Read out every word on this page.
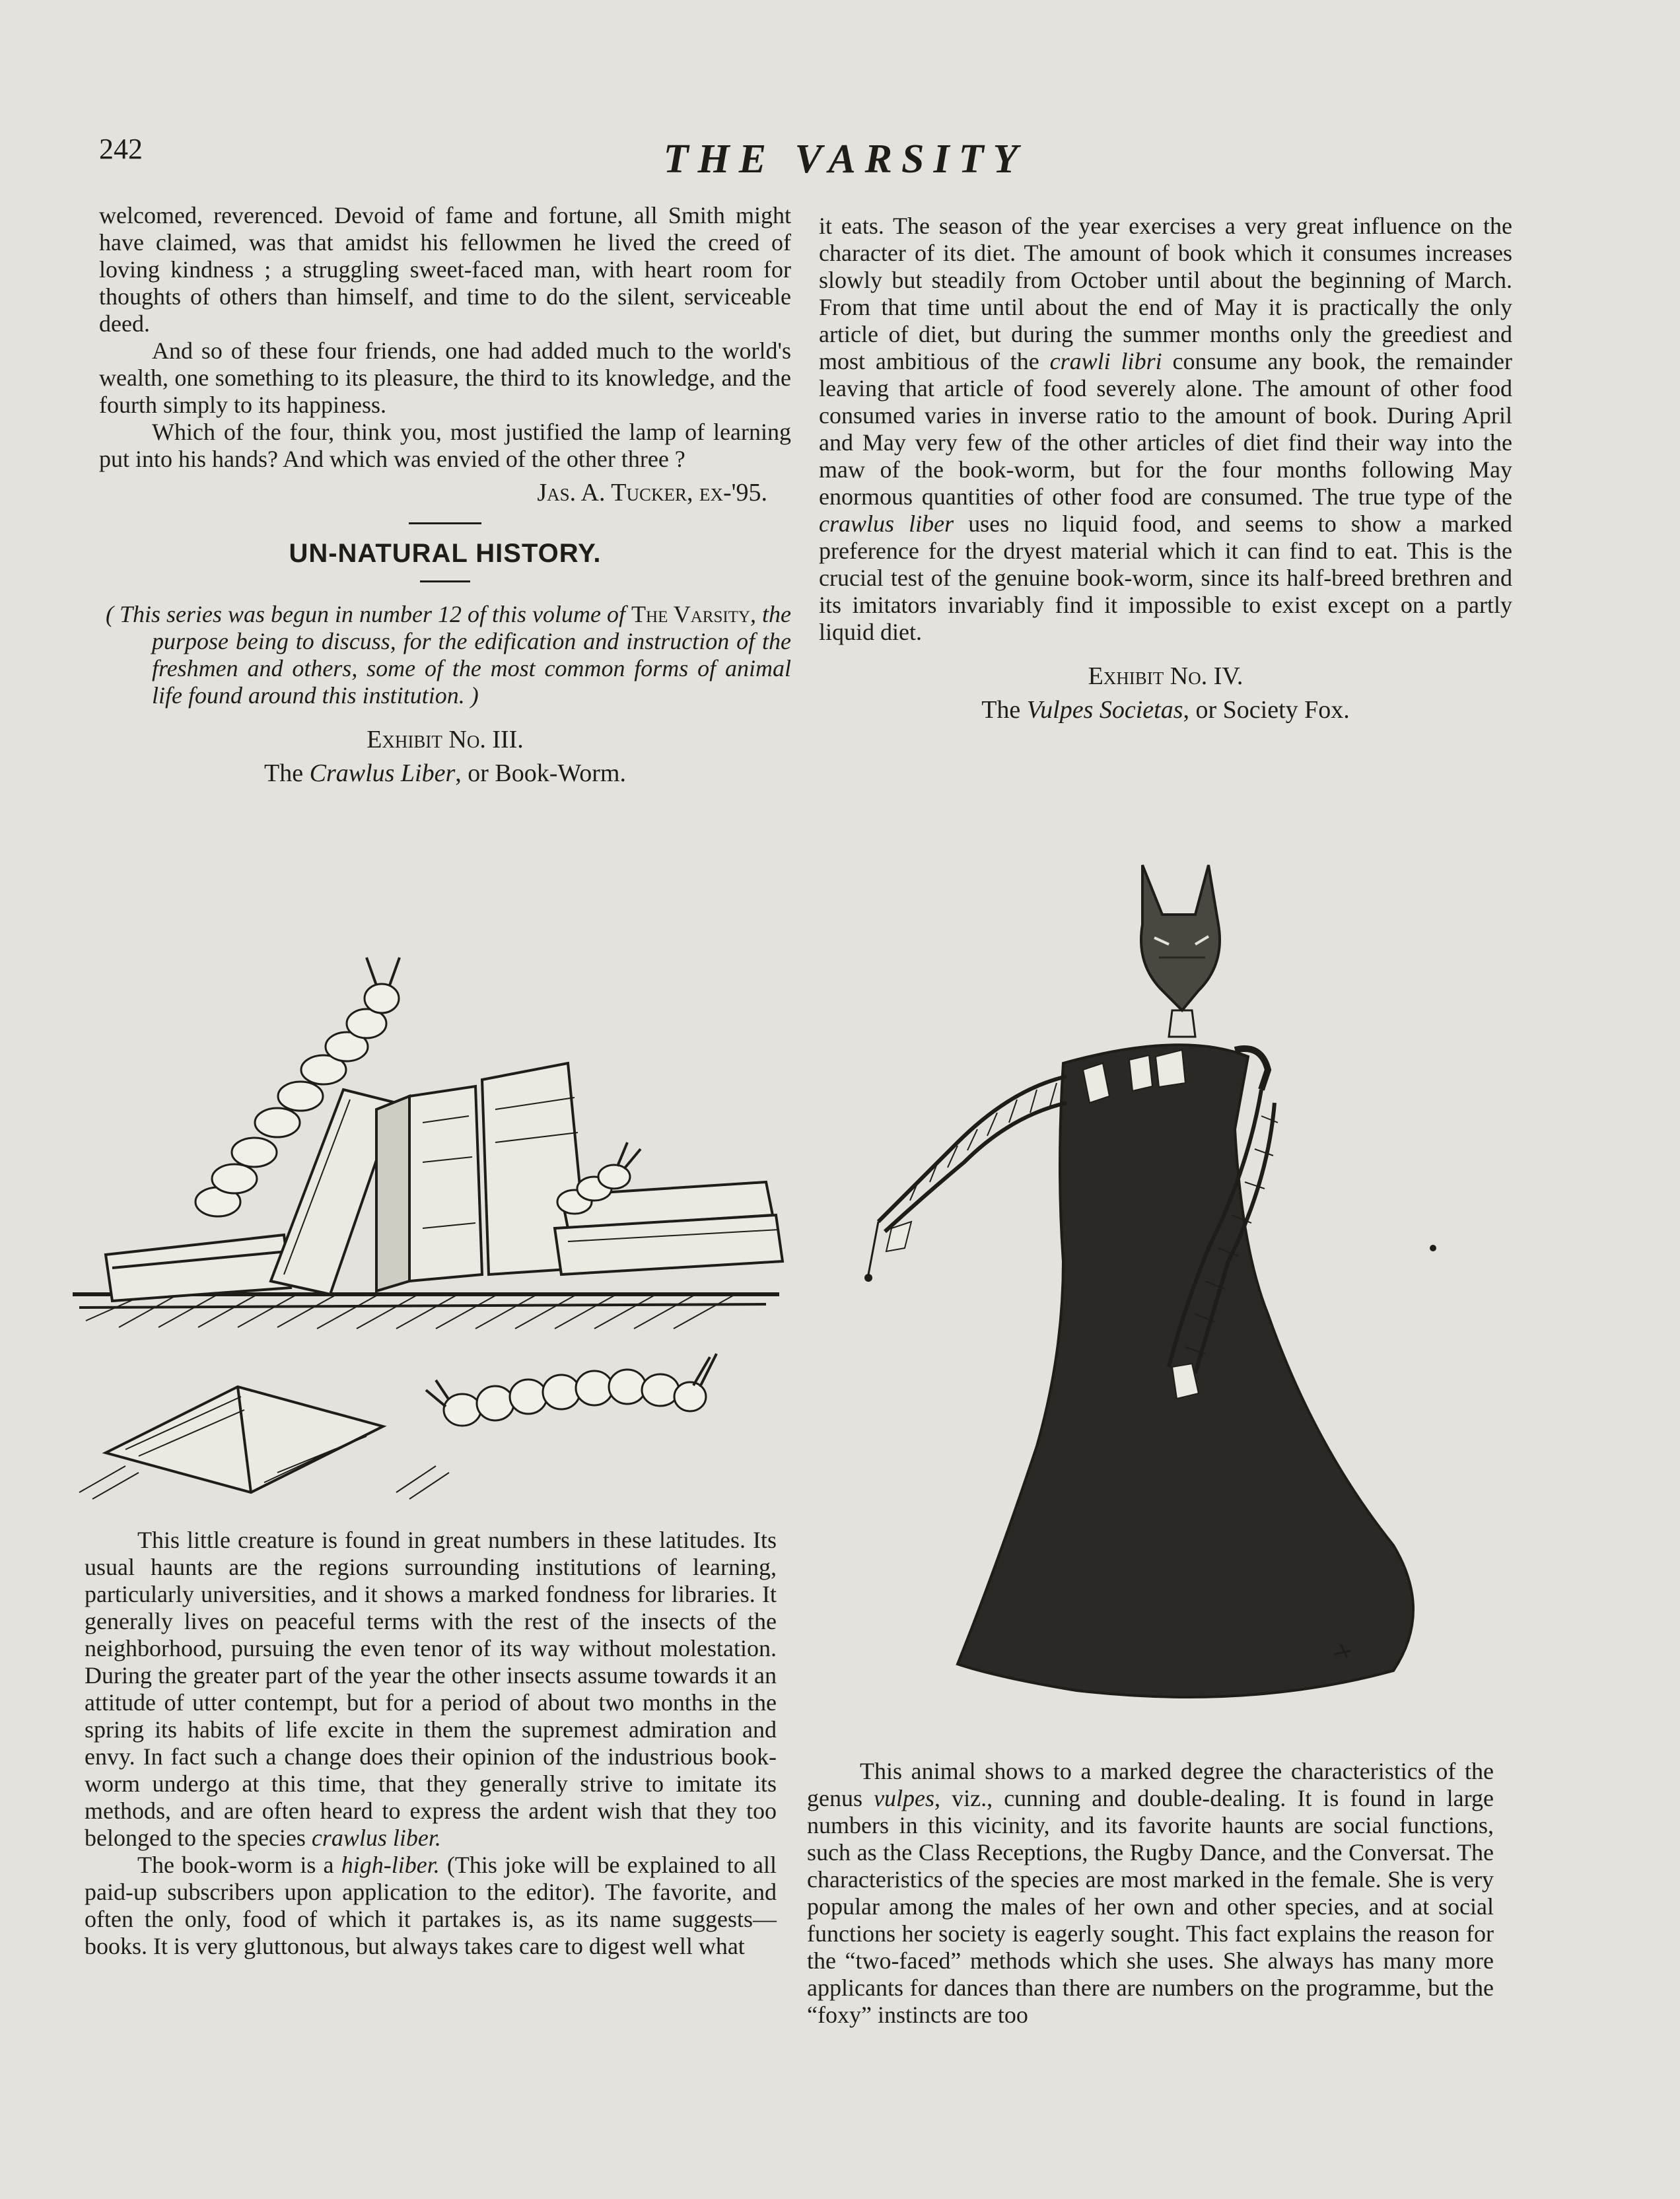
242	THE VARSITY

welcomed, reverenced. Devoid of fame and fortune, all Smith might have claimed, was that amidst his fellowmen he lived the creed of loving kindness ; a struggling sweet-faced man, with heart room for thoughts of others than himself, and time to do the silent, serviceable deed.

And so of these four friends, one had added much to the world's wealth, one something to its pleasure, the third to its knowledge, and the fourth simply to its happiness.

Which of the four, think you, most justified the lamp of learning put into his hands? And which was envied of the other three ?

Jas. A. Tucker, ex-'95.

UN-NATURAL HISTORY.

( This series was begun in number 12 of this volume of The Varsity, the purpose being to discuss, for the edification and instruction of the freshmen and others, some of the most common forms of animal life found around this institution. )

Exhibit No. III.

The Crawlus Liber, or Book-Worm.

This little creature is found in great numbers in these latitudes. Its usual haunts are the regions surrounding institutions of learning, particularly universities, and it shows a marked fondness for libraries. It generally lives on peaceful terms with the rest of the insects of the neighborhood, pursuing the even tenor of its way without molestation. During the greater part of the year the other insects assume towards it an attitude of utter contempt, but for a period of about two months in the spring its habits of life excite in them the supremest admiration and envy. In fact such a change does their opinion of the industrious book-worm undergo at this time, that they generally strive to imitate its methods, and are often heard to express the ardent wish that they too belonged to the species crawlus liber.

The book-worm is a high-liber. (This joke will be explained to all paid-up subscribers upon application to the editor). The favorite, and often the only, food of which it partakes is, as its name suggests—books. It is very gluttonous, but always takes care to digest well what

it eats. The season of the year exercises a very great influence on the character of its diet. The amount of book which it consumes increases slowly but steadily from October until about the beginning of March. From that time until about the end of May it is practically the only article of diet, but during the summer months only the greediest and most ambitious of the crawli libri consume any book, the remainder leaving that article of food severely alone. The amount of other food consumed varies in inverse ratio to the amount of book. During April and May very few of the other articles of diet find their way into the maw of the book-worm, but for the four months following May enormous quantities of other food are consumed. The true type of the crawlus liber uses no liquid food, and seems to show a marked preference for the dryest material which it can find to eat. This is the crucial test of the genuine book-worm, since its half-breed brethren and its imitators invariably find it impossible to exist except on a partly liquid diet.

Exhibit No. IV.

The Vulpes Societas, or Society Fox.

This animal shows to a marked degree the characteristics of the genus vulpes, viz., cunning and double-dealing. It is found in large numbers in this vicinity, and its favorite haunts are social functions, such as the Class Receptions, the Rugby Dance, and the Conversat. The characteristics of the species are most marked in the female. She is very popular among the males of her own and other species, and at social functions her society is eagerly sought. This fact explains the reason for the “two-faced” methods which she uses. She always has many more applicants for dances than there are numbers on the programme, but the “foxy” instincts are too
